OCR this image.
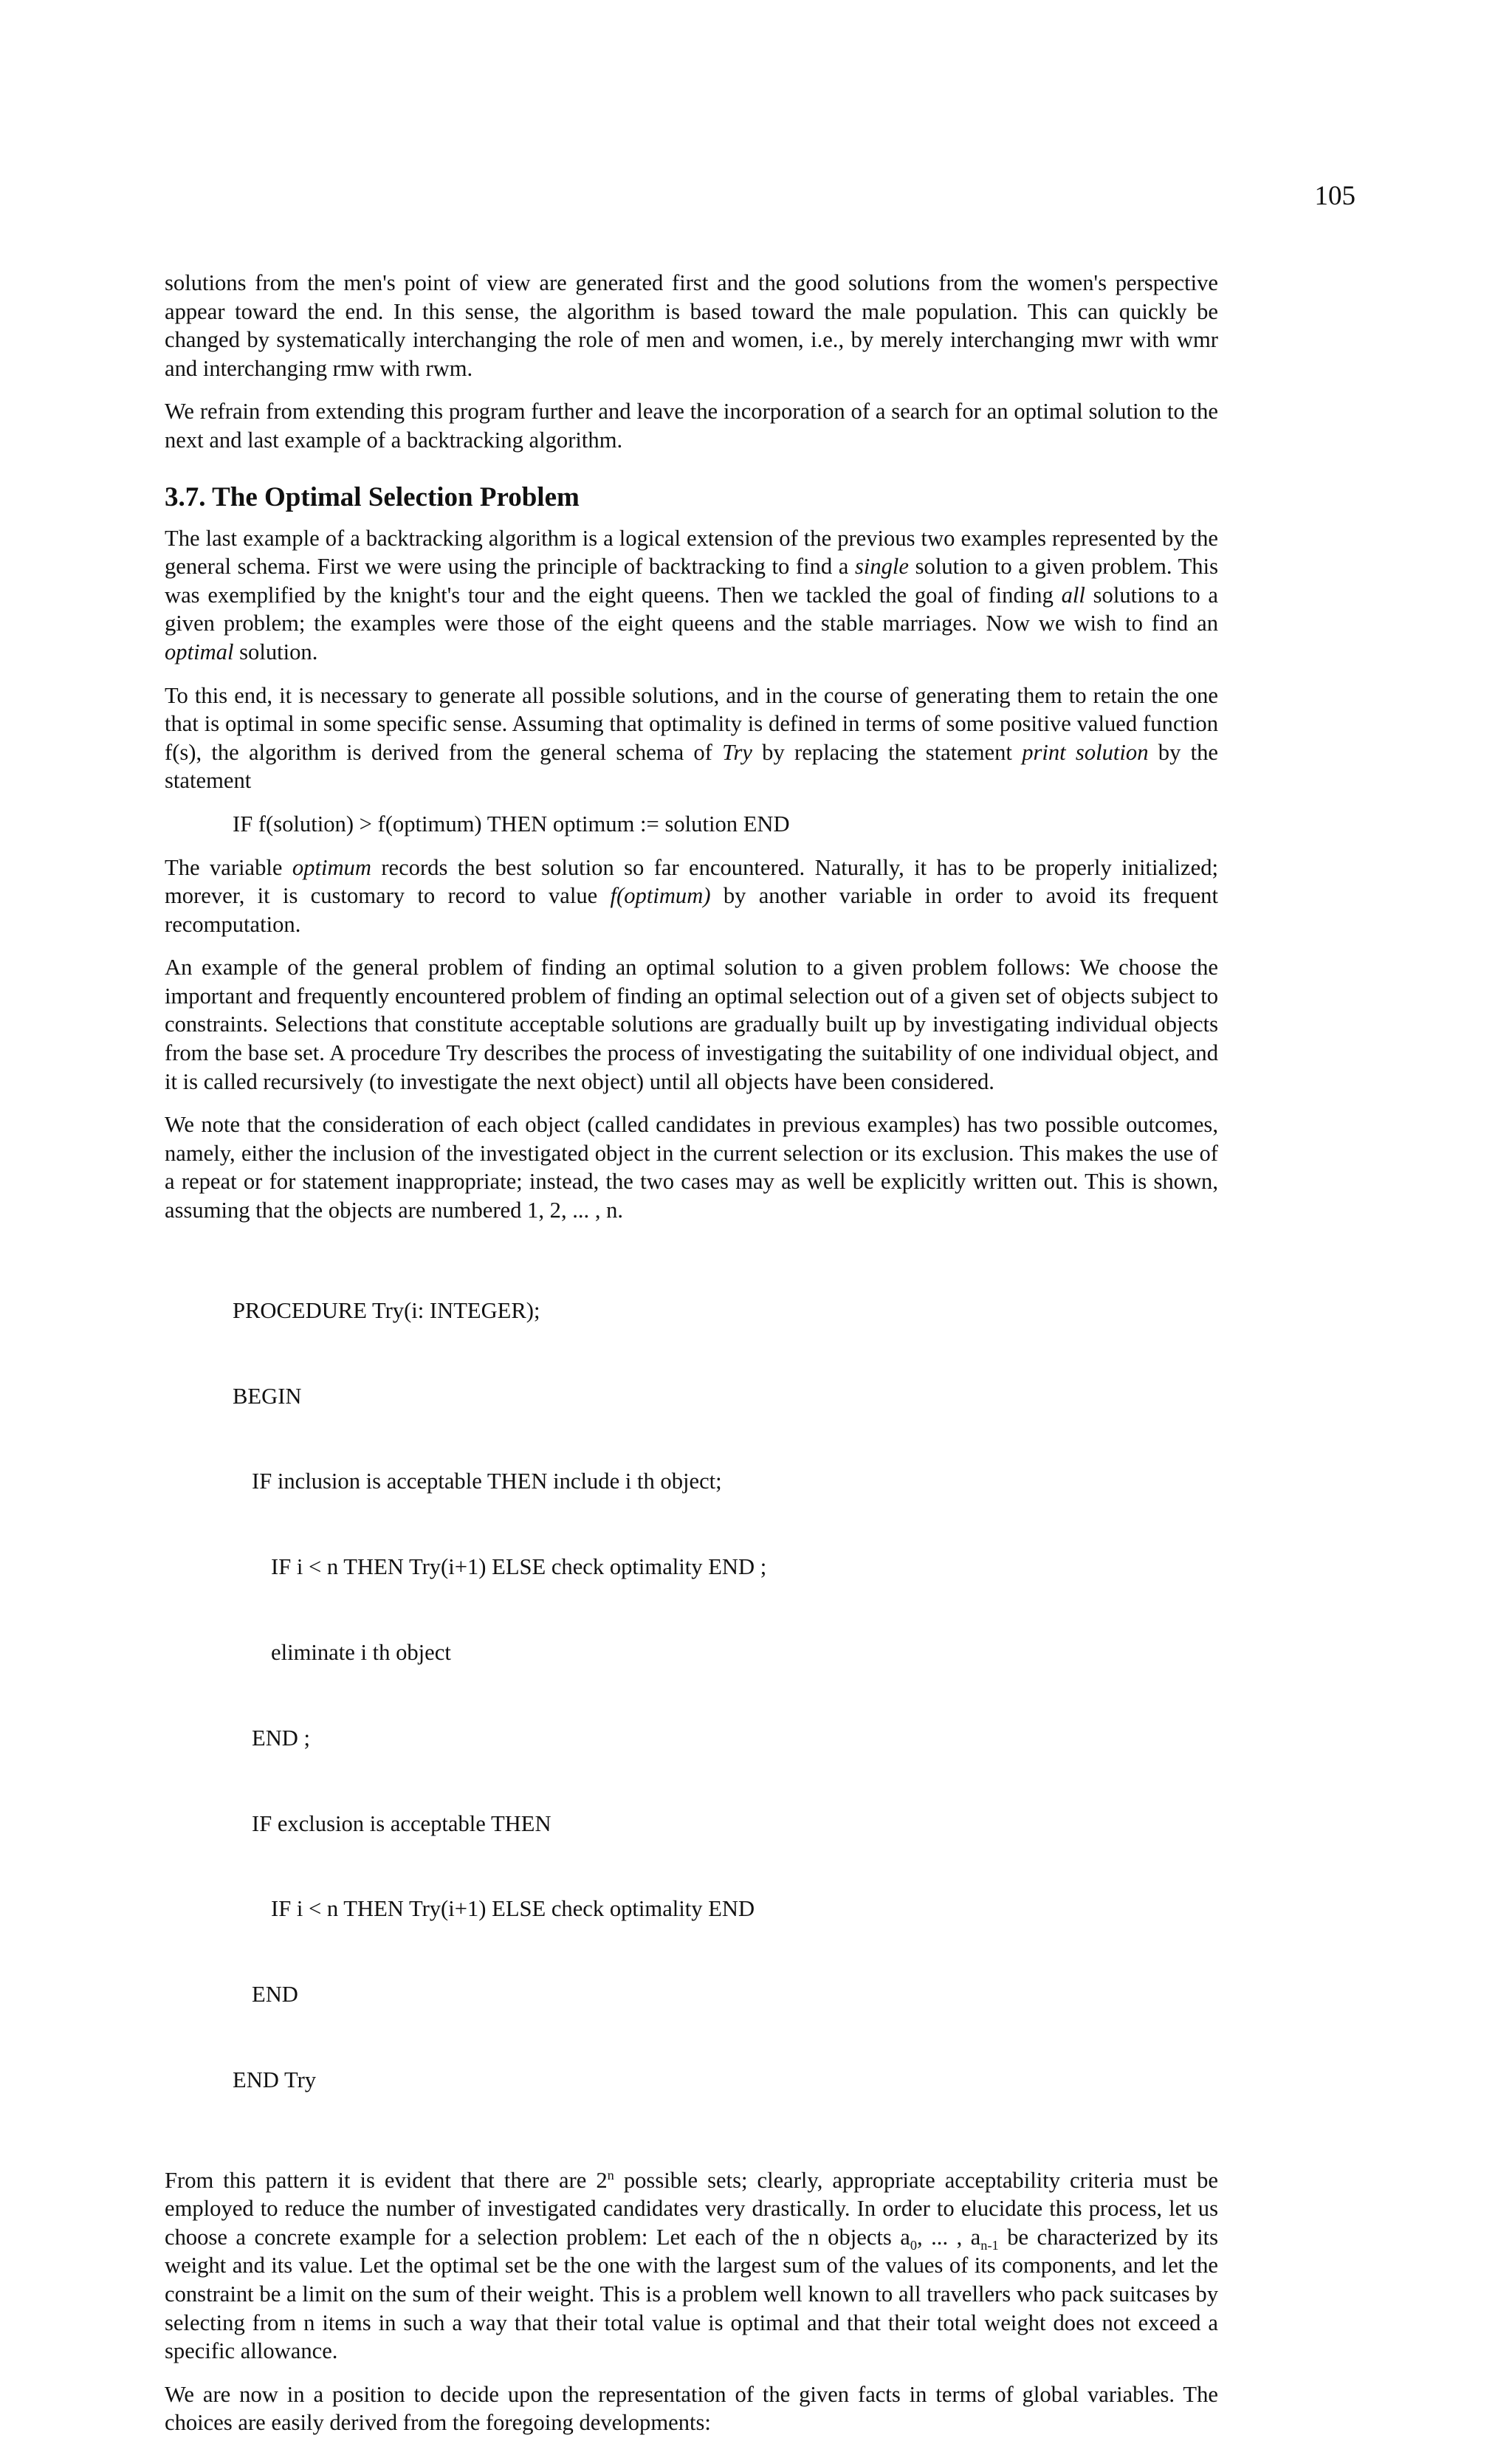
105

solutions from the men's point of view are generated first and the good solutions from the women's perspective appear toward the end. In this sense, the algorithm is based toward the male population. This can quickly be changed by systematically interchanging the role of men and women, i.e., by merely interchanging mwr with wmr and interchanging rmw with rwm.

We refrain from extending this program further and leave the incorporation of a search for an optimal solution to the next and last example of a backtracking algorithm.

3.7. The Optimal Selection Problem

The last example of a backtracking algorithm is a logical extension of the previous two examples represented by the general schema. First we were using the principle of backtracking to find a single solution to a given problem. This was exemplified by the knight's tour and the eight queens. Then we tackled the goal of finding all solutions to a given problem; the examples were those of the eight queens and the stable marriages. Now we wish to find an optimal solution.

To this end, it is necessary to generate all possible solutions, and in the course of generating them to retain the one that is optimal in some specific sense. Assuming that optimality is defined in terms of some positive valued function f(s), the algorithm is derived from the general schema of Try by replacing the statement print solution by the statement

IF f(solution) > f(optimum) THEN optimum := solution END

The variable optimum records the best solution so far encountered. Naturally, it has to be properly initialized; morever, it is customary to record to value f(optimum) by another variable in order to avoid its frequent recomputation.

An example of the general problem of finding an optimal solution to a given problem follows: We choose the important and frequently encountered problem of finding an optimal selection out of a given set of objects subject to constraints. Selections that constitute acceptable solutions are gradually built up by investigating individual objects from the base set. A procedure Try describes the process of investigating the suitability of one individual object, and it is called recursively (to investigate the next object) until all objects have been considered.

We note that the consideration of each object (called candidates in previous examples) has two possible outcomes, namely, either the inclusion of the investigated object in the current selection or its exclusion. This makes the use of a repeat or for statement inappropriate; instead, the two cases may as well be explicitly written out. This is shown, assuming that the objects are numbered 1, 2, ... , n.

PROCEDURE Try(i: INTEGER);

BEGIN

IF inclusion is acceptable THEN include i th object;

IF i < n THEN Try(i+1) ELSE check optimality END ;

eliminate i th object

END ;

IF exclusion is acceptable THEN

IF i < n THEN Try(i+1) ELSE check optimality END

END

END Try

From this pattern it is evident that there are 2$^n$ possible sets; clearly, appropriate acceptability criteria must be employed to reduce the number of investigated candidates very drastically. In order to elucidate this process, let us choose a concrete example for a selection problem: Let each of the n objects $a_0$, ... , $a_{n-1}$ be characterized by its weight and its value. Let the optimal set be the one with the largest sum of the values of its components, and let the constraint be a limit on the sum of their weight. This is a problem well known to all travellers who pack suitcases by selecting from n items in such a way that their total value is optimal and that their total weight does not exceed a specific allowance.

We are now in a position to decide upon the representation of the given facts in terms of global variables. The choices are easily derived from the foregoing developments:
